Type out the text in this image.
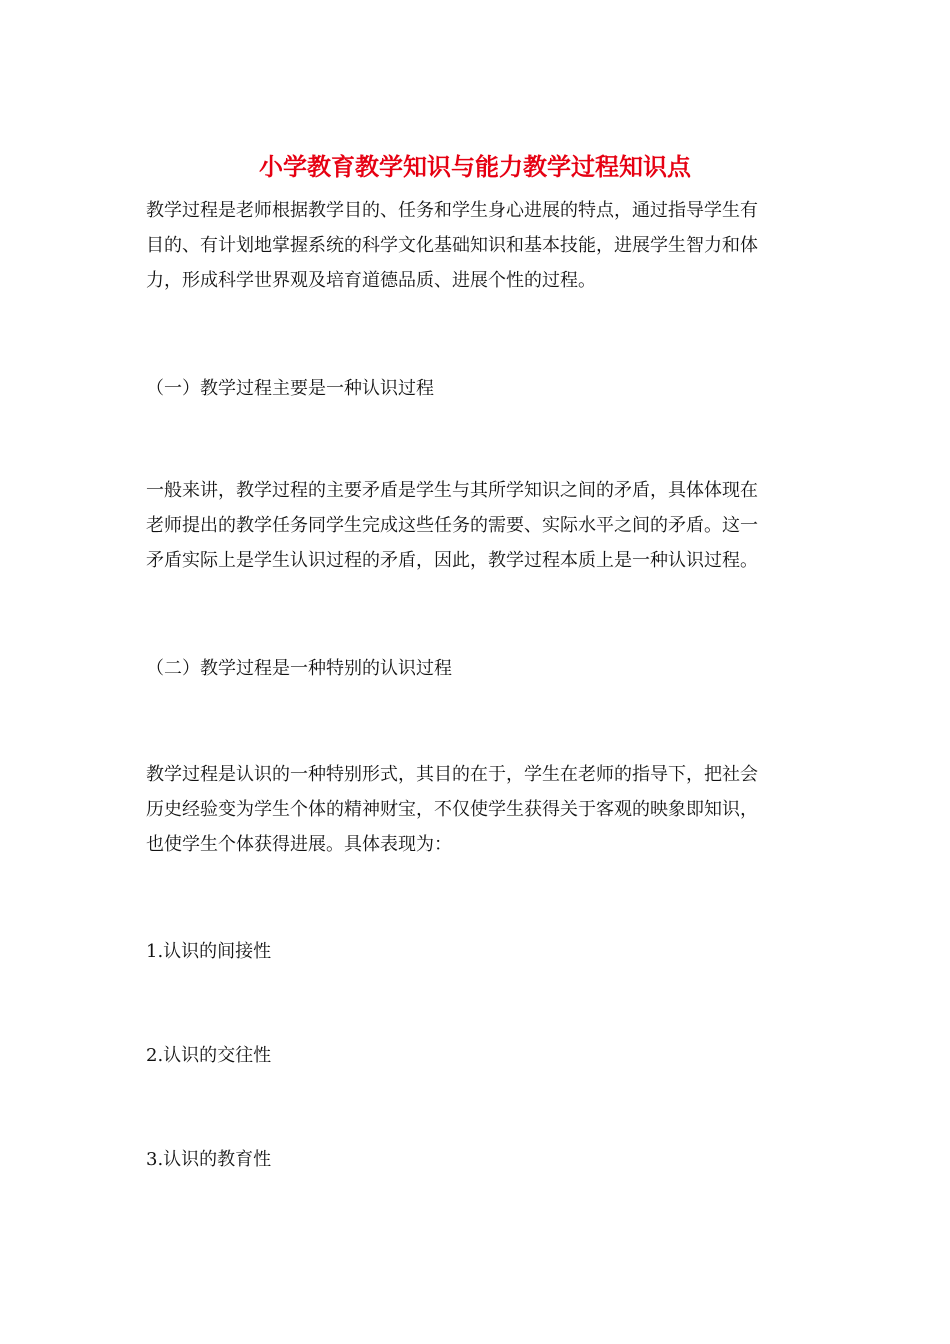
小学教育教学知识与能力教学过程知识点
教学过程是老师根据教学目的、任务和学生身心进展的特点，通过指导学生有
目的、有计划地掌握系统的科学文化基础知识和基本技能，进展学生智力和体
力，形成科学世界观及培育道德品质、进展个性的过程。
（一）教学过程主要是一种认识过程
一般来讲，教学过程的主要矛盾是学生与其所学知识之间的矛盾，具体体现在
老师提出的教学任务同学生完成这些任务的需要、实际水平之间的矛盾。这一
矛盾实际上是学生认识过程的矛盾，因此，教学过程本质上是一种认识过程。
（二）教学过程是一种特别的认识过程
教学过程是认识的一种特别形式，其目的在于，学生在老师的指导下，把社会
历史经验变为学生个体的精神财宝，不仅使学生获得关于客观的映象即知识，
也使学生个体获得进展。具体表现为：
1.认识的间接性
2.认识的交往性
3.认识的教育性
